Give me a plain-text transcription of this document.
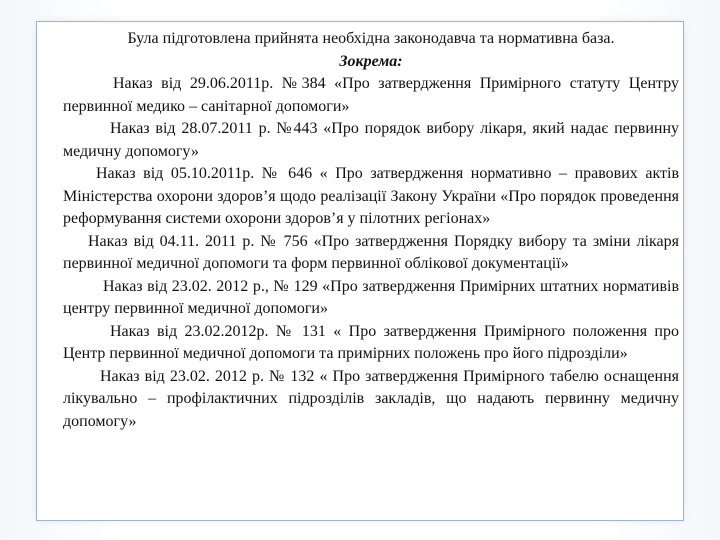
Була підготовлена прийнята необхідна законодавча та нормативна база.

Зокрема:

Наказ від 29.06.2011р. №384 «Про затвердження Примірного статуту Центру первинної медико – санітарної допомоги»
Наказ від 28.07.2011 р. №443 «Про порядок вибору лікаря, який надає первинну медичну допомогу»
Наказ від 05.10.2011р. № 646 « Про затвердження нормативно – правових актів Міністерства охорони здоров’я щодо реалізації Закону України «Про порядок проведення реформування системи охорони здоров’я у пілотних регіонах»
Наказ від 04.11. 2011 р. № 756 «Про затвердження Порядку вибору та зміни лікаря первинної медичної допомоги та форм первинної облікової документації»
Наказ від 23.02. 2012 р., № 129 «Про затвердження Примірних штатних нормативів центру первинної медичної допомоги»
Наказ від 23.02.2012р. № 131 « Про затвердження Примірного положення про Центр первинної медичної допомоги та примірних положень про його підрозділи»
Наказ від 23.02. 2012 р. № 132 « Про затвердження Примірного табелю оснащення лікувально – профілактичних підрозділів закладів, що надають первинну медичну допомогу»
